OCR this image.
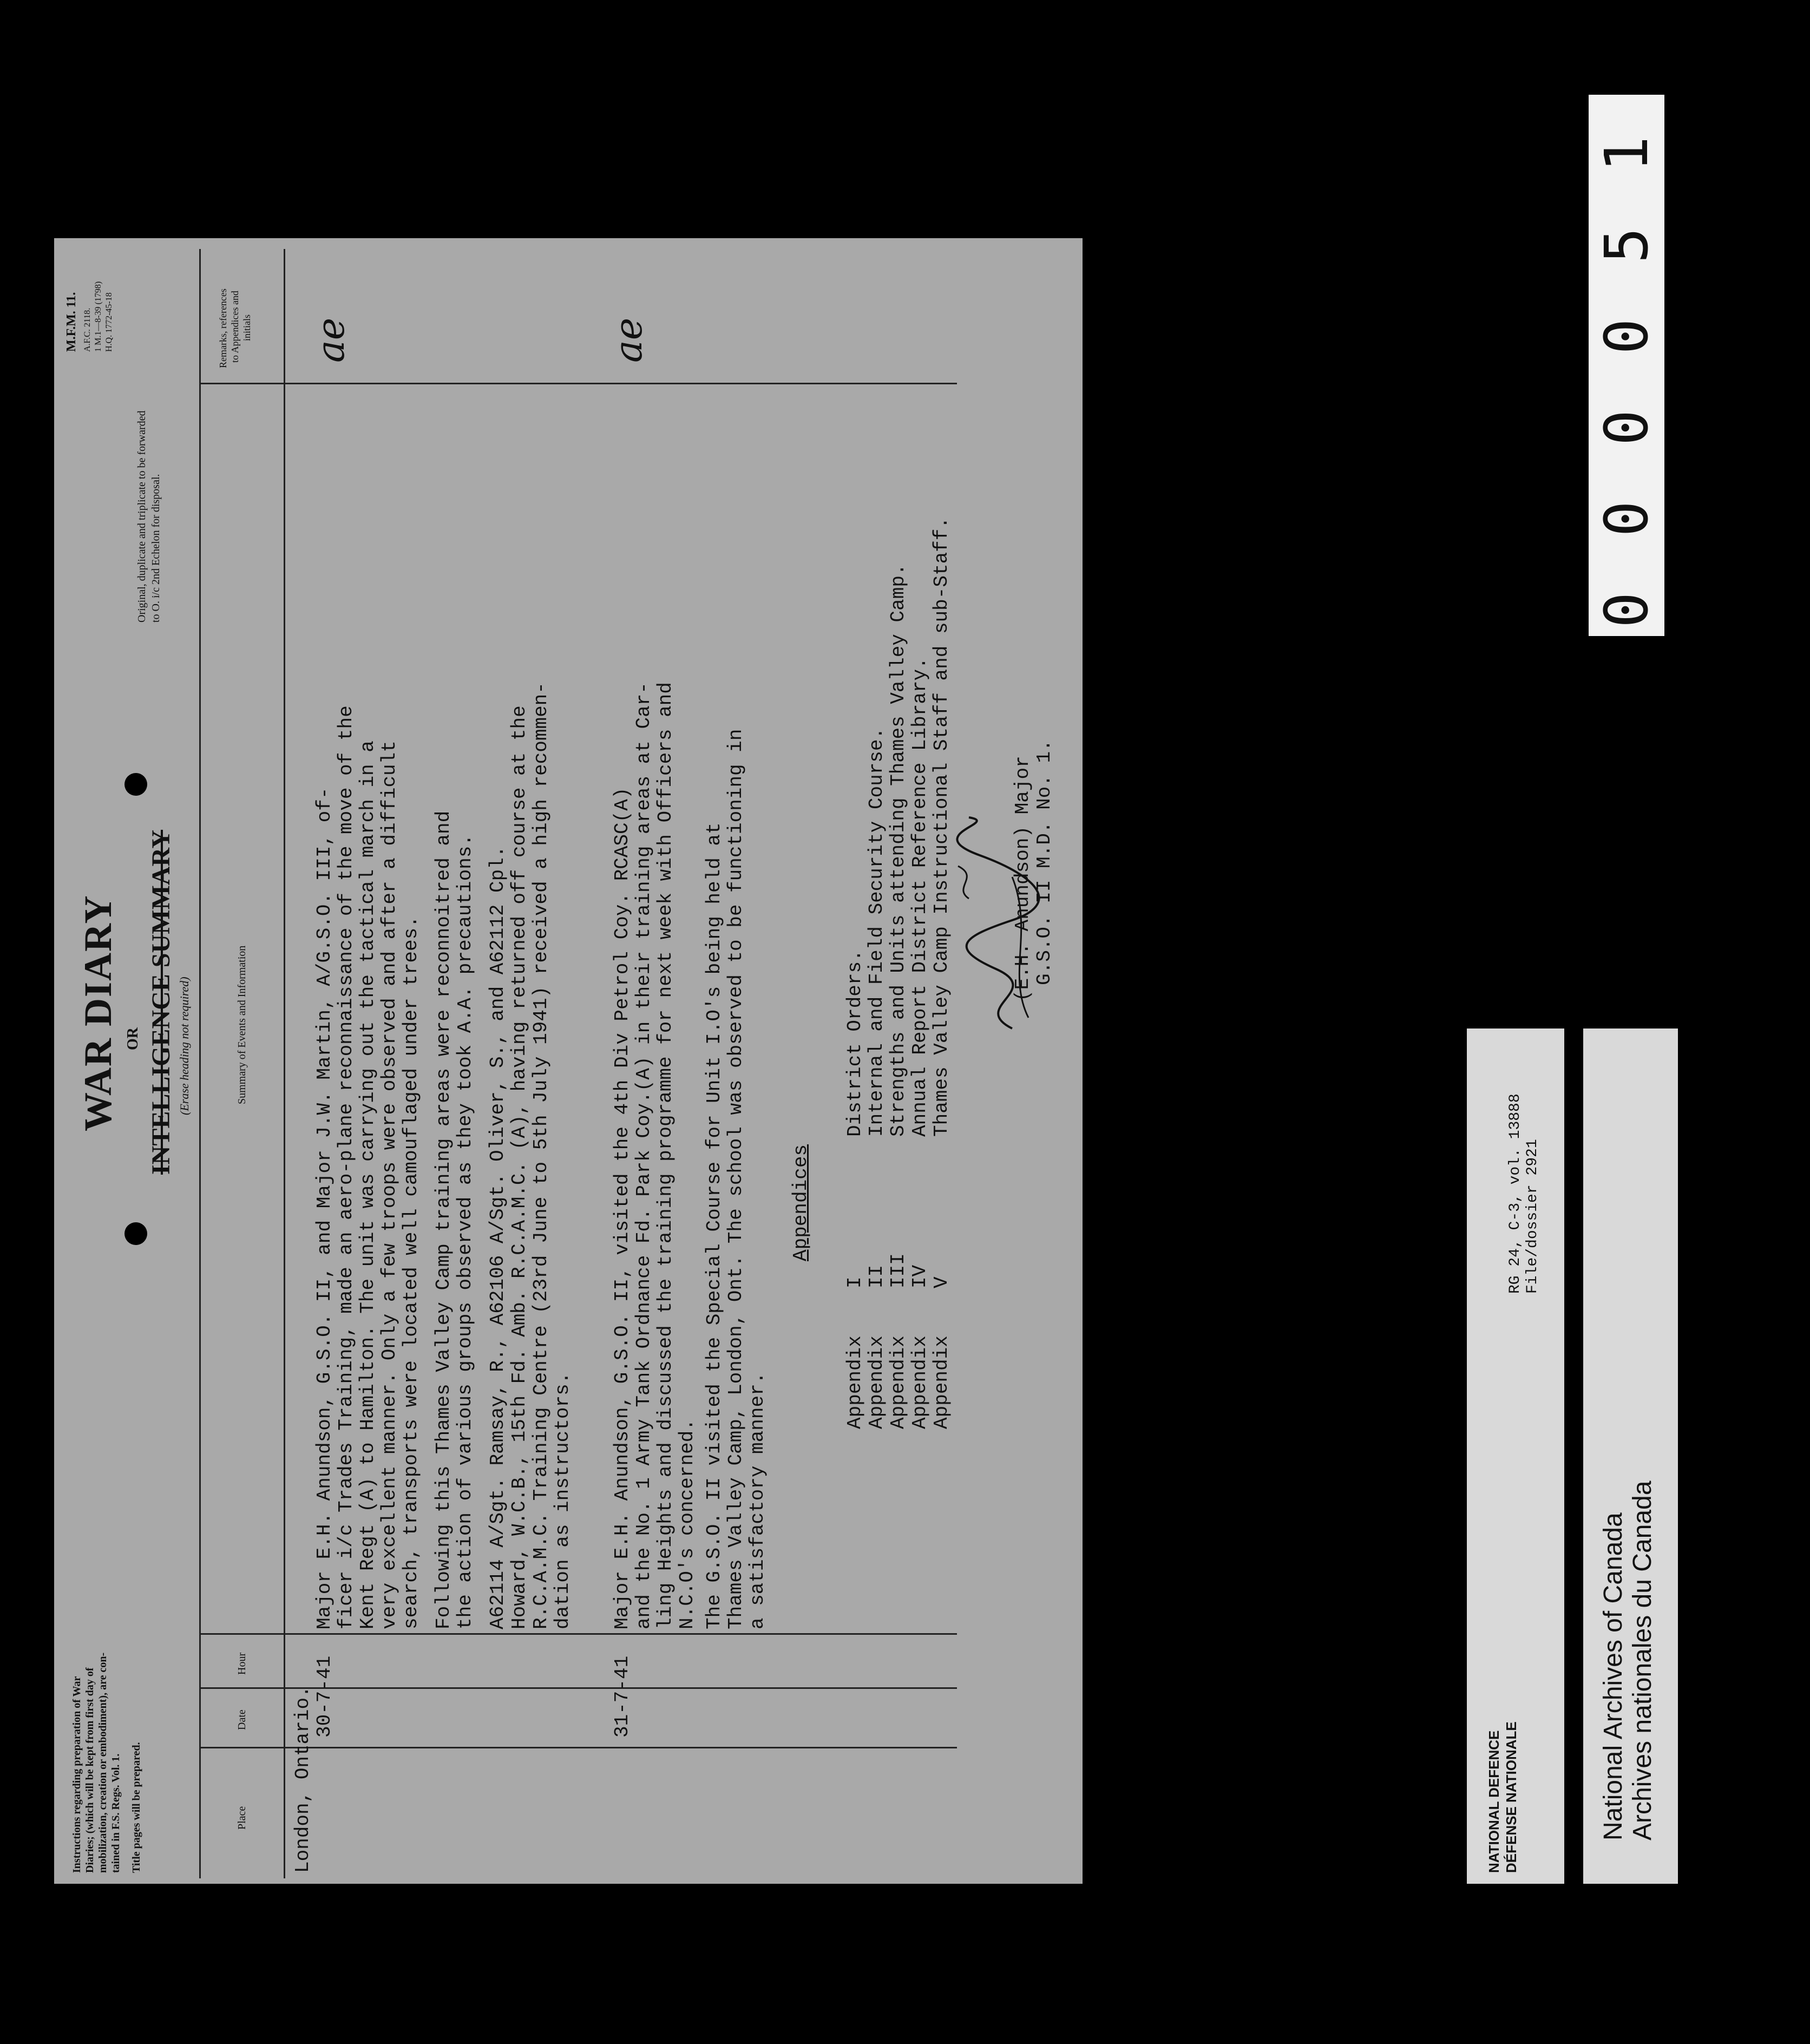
M.F.M. 11. A.F.C. 2118. 1 M.1—8-39 (1798) H.Q. 1772-45-18
Instructions regarding preparation of War Diaries; (which will be kept from first day of mobilization, creation or embodiment), are con- tained in F.S. Regs. Vol. 1. Title pages will be prepared.
WAR DIARY OR INTELLIGENCE SUMMARY (Erase heading not required)
Original, duplicate and triplicate to be forwarded to O. i/c 2nd Echelon for disposal.
Place
Date
Hour
Summary of Events and Information
Remarks, references to Appendices and initials
London, Ontario. 30-7-41
Major E.H. Anundson, G.S.O. II, and Major J.W. Martin, A/G.S.O. III, of- ficer i/c Trades Training, made an aero-plane reconnaissance of the move of the Kent Regt (A) to Hamilton. The unit was carrying out the tactical march in a very excellent manner. Only a few troops were observed and after a difficult search, transports were located well camouflaged under trees. Following this Thames Valley Camp training areas were reconnoitred and the action of various groups observed as they took A.A. precautions. A62114 A/Sgt. Ramsay, R., A62106 A/Sgt. Oliver, S., and A62112 Cpl. Howard, W.C.B., 15th Fd. Amb. R.C.A.M.C. (A), having returned off course at the R.C.A.M.C. Training Centre (23rd June to 5th July 1941) received a high recommen- dation as instructors.
ae
31-7-41
Major E.H. Anundson, G.S.O. II, visited the 4th Div Petrol Coy. RCASC(A) and the No. 1 Army Tank Ordnance Fd. Park Coy.(A) in their training areas at Car- ling Heights and discussed the training programme for next week with Officers and N.C.O's concerned. The G.S.O. II visited the Special Course for Unit I.O's being held at Thames Valley Camp, London, Ont. The school was observed to be functioning in a satisfactory manner.
ae
Appendices
Appendix
I
District Orders.
Appendix
II
Internal and Field Security Course.
Appendix
III
Strengths and Units attending Thames Valley Camp.
Appendix
IV
Annual Report District Reference Library.
Appendix
V
Thames Valley Camp Instructional Staff and sub-Staff.	(E.H. Anundson) Major G.S.O. II M.D. No. 1.
0 0 0 0 5 1
NATIONAL DEFENCE DÉFENSE NATIONALE
RG 24, C-3, vol. 13888 File/dossier 2921
National Archives of Canada Archives nationales du Canada
